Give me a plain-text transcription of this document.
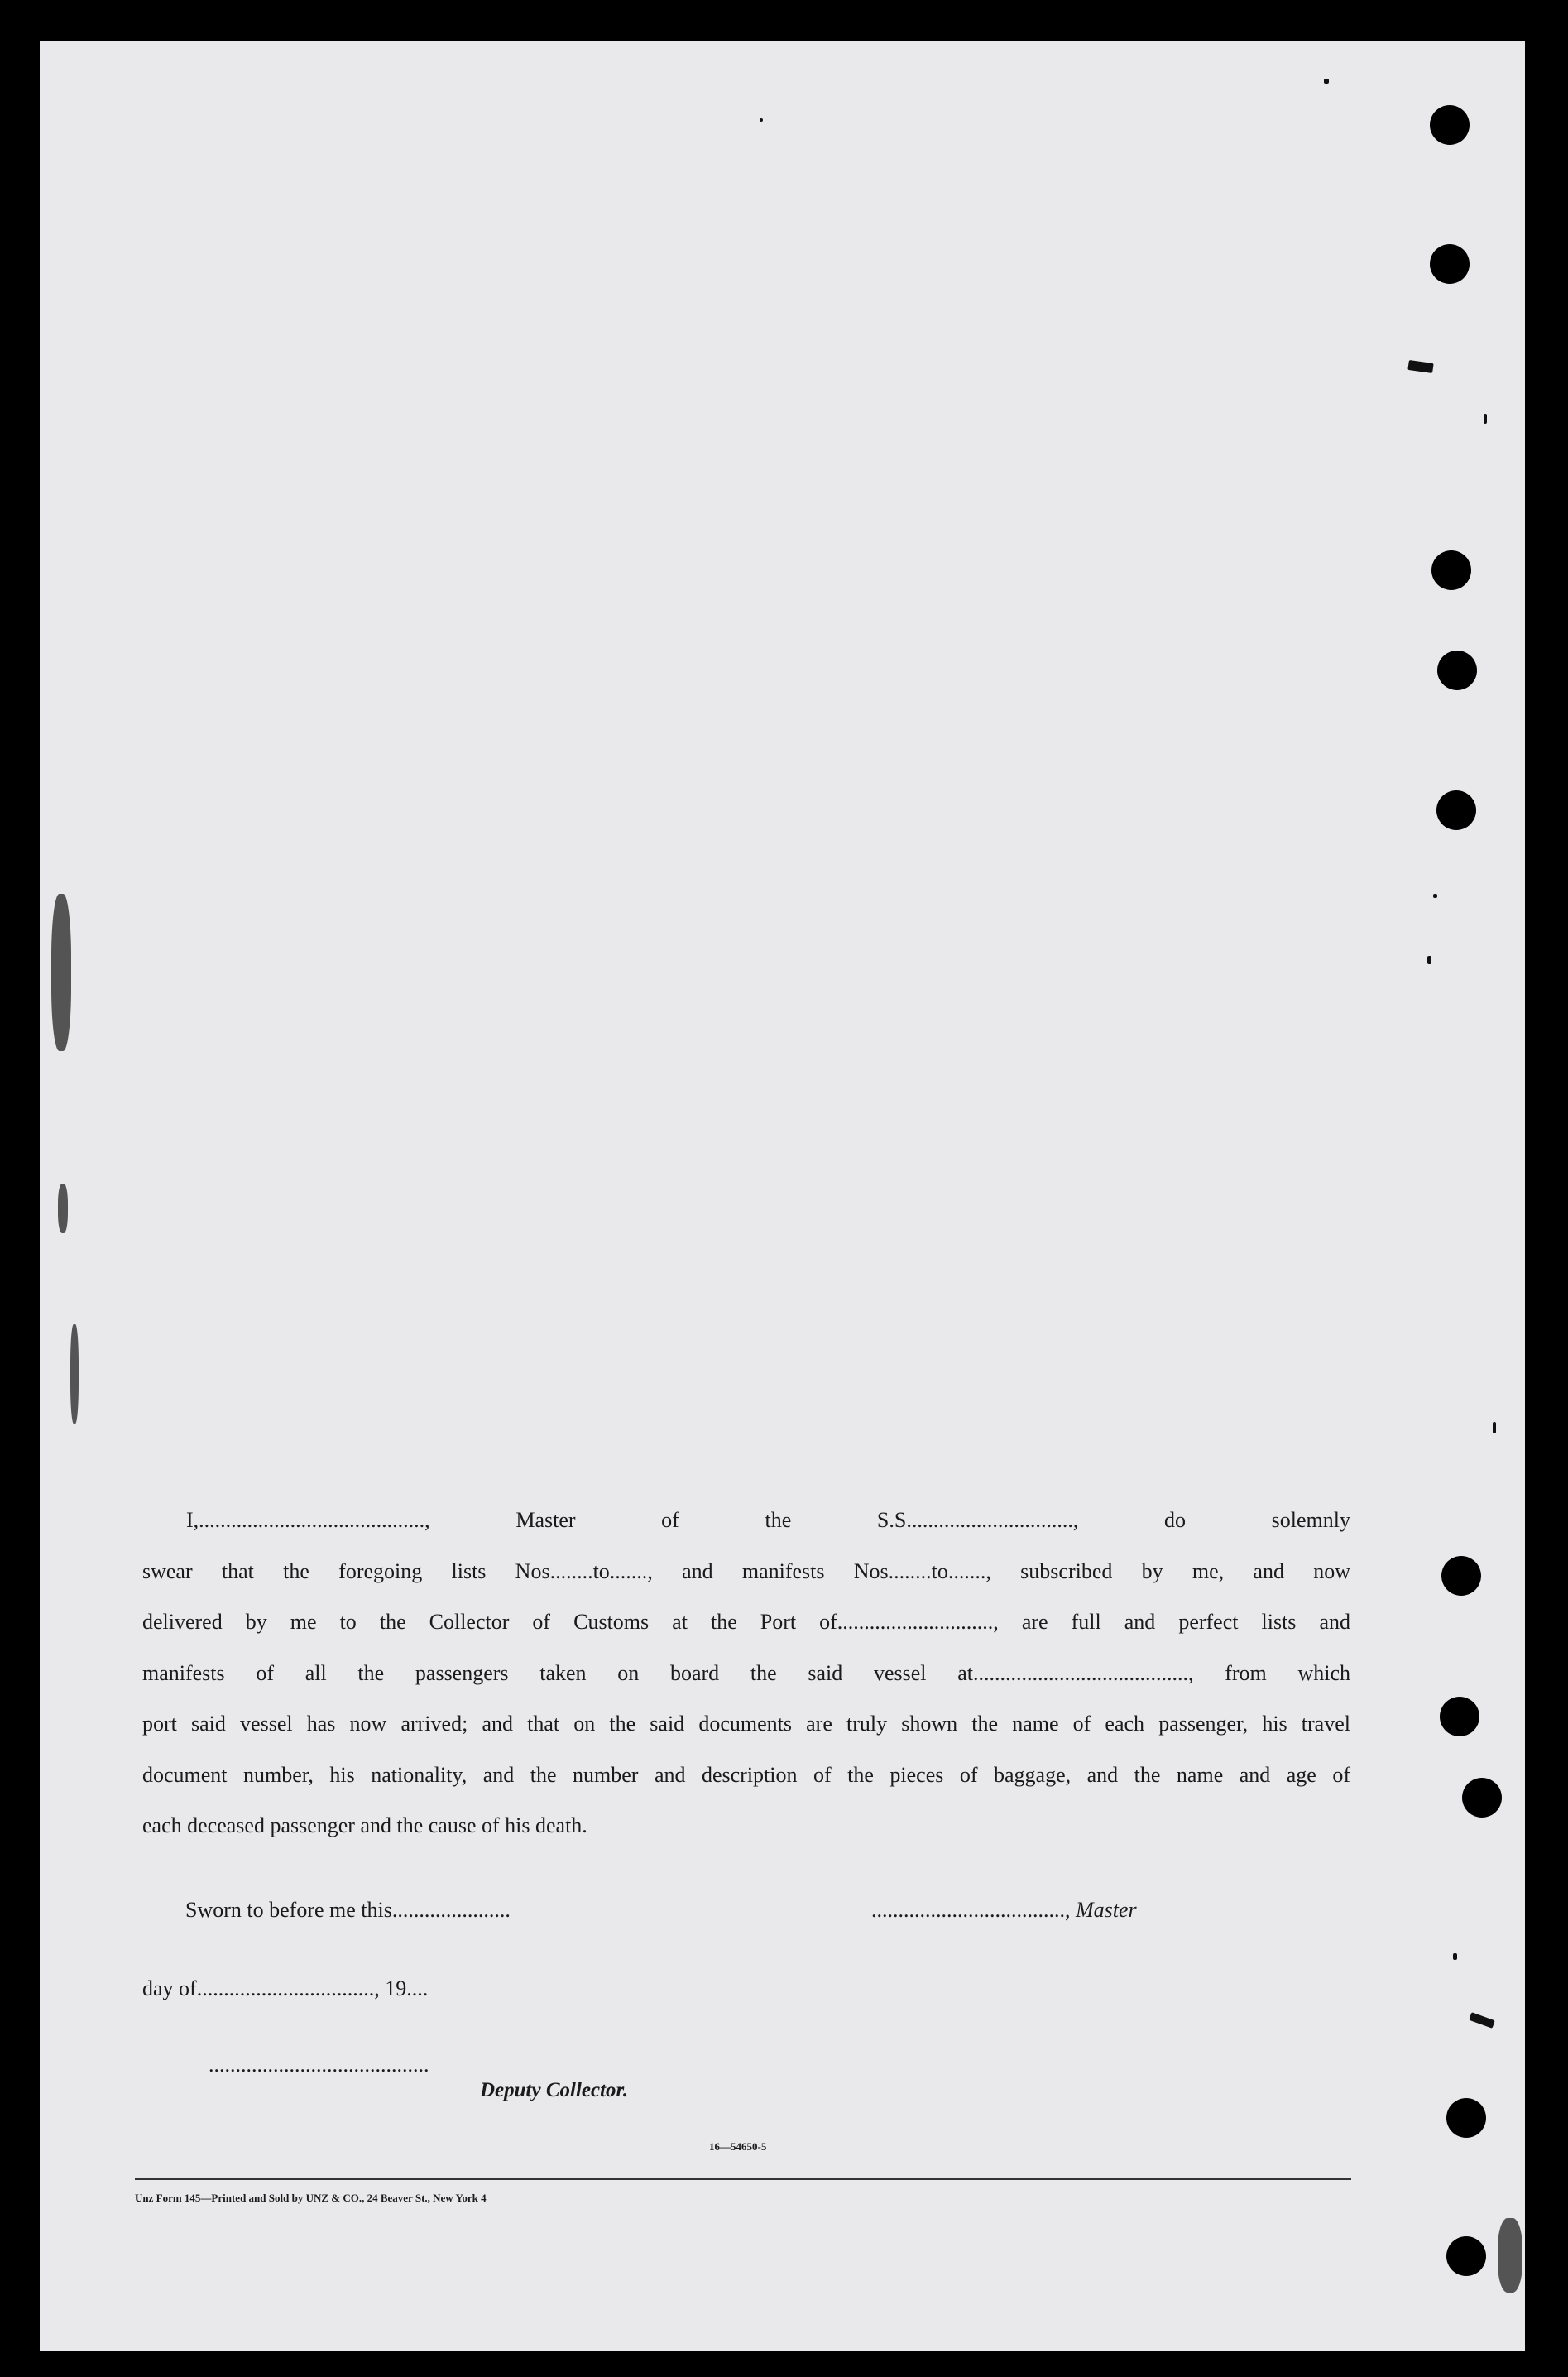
I,.........................................., Master of the S.S..............................., do solemnly
swear that the foregoing lists Nos........to......., and manifests Nos........to......., subscribed by me, and now
delivered by me to the Collector of Customs at the Port of............................., are full and perfect lists and
manifests of all the passengers taken on board the said vessel at........................................, from which
port said vessel has now arrived; and that on the said documents are truly shown the name of each passenger, his travel
document number, his nationality, and the number and description of the pieces of baggage, and the name and age of
each deceased passenger and the cause of his death.
Sworn to before me this......................	...................................., Master
day of................................., 19....
.........................................
Deputy Collector.
16—54650-5
Unz Form 145—Printed and Sold by UNZ & CO., 24 Beaver St., New York 4
